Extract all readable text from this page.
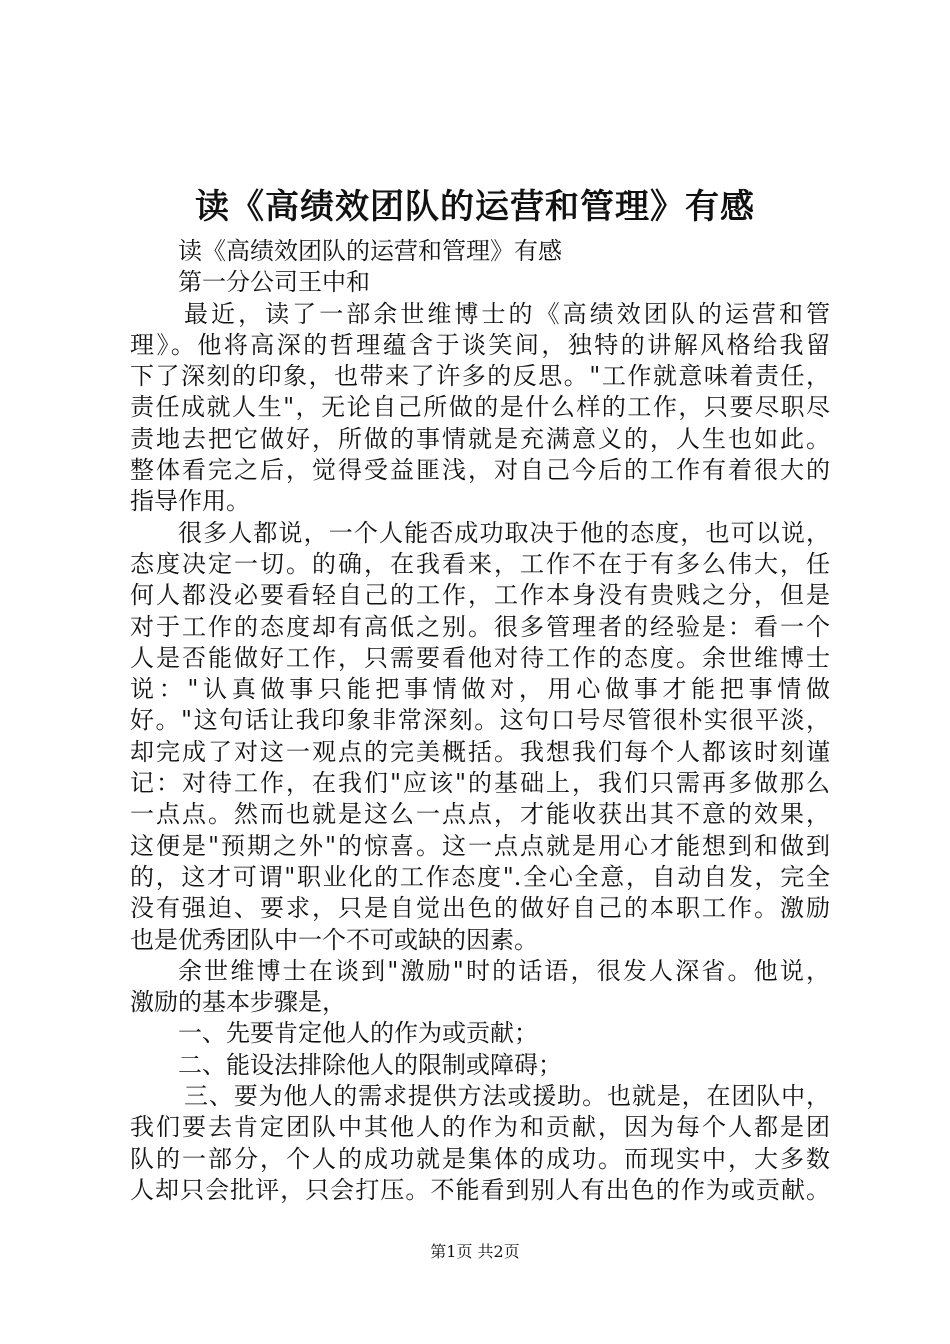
读《高绩效团队的运营和管理》有感
读《高绩效团队的运营和管理》有感
第一分公司王中和
最近，读了一部余世维博士的《高绩效团队的运营和管
理》。他将高深的哲理蕴含于谈笑间，独特的讲解风格给我留
下了深刻的印象，也带来了许多的反思。"工作就意味着责任，
责任成就人生"，无论自己所做的是什么样的工作，只要尽职尽
责地去把它做好，所做的事情就是充满意义的，人生也如此。
整体看完之后，觉得受益匪浅，对自己今后的工作有着很大的
指导作用。
很多人都说，一个人能否成功取决于他的态度，也可以说，
态度决定一切。的确，在我看来，工作不在于有多么伟大，任
何人都没必要看轻自己的工作，工作本身没有贵贱之分，但是
对于工作的态度却有高低之别。很多管理者的经验是：看一个
人是否能做好工作，只需要看他对待工作的态度。余世维博士
说："认真做事只能把事情做对，用心做事才能把事情做
好。"这句话让我印象非常深刻。这句口号尽管很朴实很平淡，
却完成了对这一观点的完美概括。我想我们每个人都该时刻谨
记：对待工作，在我们"应该"的基础上，我们只需再多做那么
一点点。然而也就是这么一点点，才能收获出其不意的效果，
这便是"预期之外"的惊喜。这一点点就是用心才能想到和做到
的，这才可谓"职业化的工作态度".全心全意，自动自发，完全
没有强迫、要求，只是自觉出色的做好自己的本职工作。激励
也是优秀团队中一个不可或缺的因素。
余世维博士在谈到"激励"时的话语，很发人深省。他说，
激励的基本步骤是，
一、先要肯定他人的作为或贡献；
二、能设法排除他人的限制或障碍；
三、要为他人的需求提供方法或援助。也就是，在团队中，
我们要去肯定团队中其他人的作为和贡献，因为每个人都是团
队的一部分，个人的成功就是集体的成功。而现实中，大多数
人却只会批评，只会打压。不能看到别人有出色的作为或贡献。
第1页 共2页
